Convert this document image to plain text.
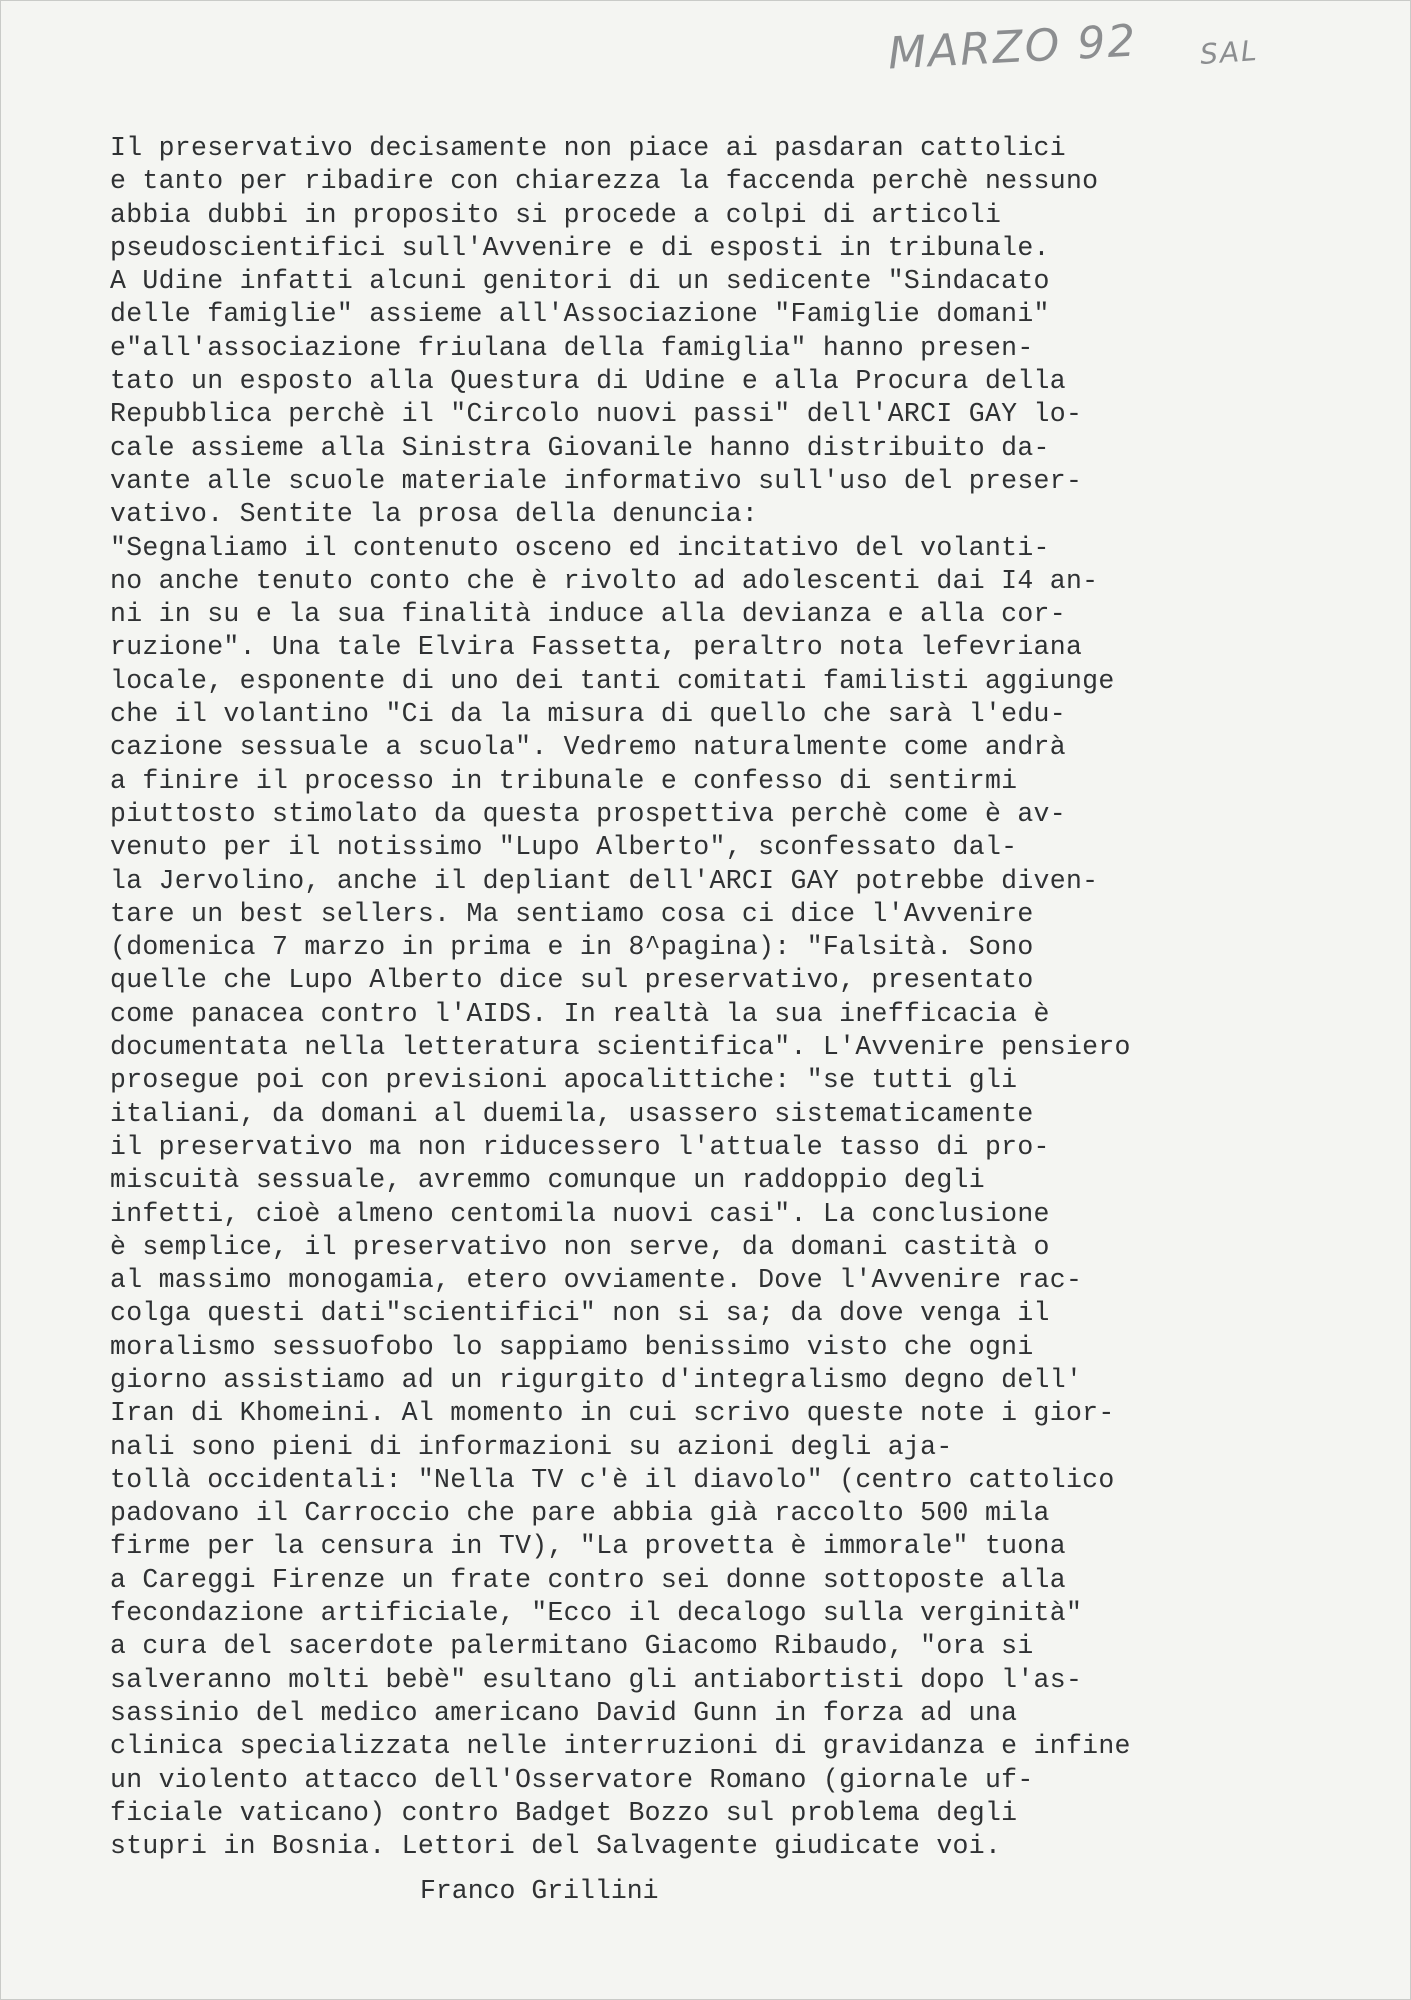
MARZO 92 SAL
Il preservativo decisamente non piace ai pasdaran cattolici
e tanto per ribadire con chiarezza la faccenda perchè nessuno
abbia dubbi in proposito si procede a colpi di articoli
pseudoscientifici sull'Avvenire e di esposti in tribunale.
A Udine infatti alcuni genitori di un sedicente "Sindacato
delle famiglie" assieme all'Associazione "Famiglie domani"
e"all'associazione friulana della famiglia" hanno presen-
tato un esposto alla Questura di Udine e alla Procura della
Repubblica perchè il "Circolo nuovi passi" dell'ARCI GAY lo-
cale assieme alla Sinistra Giovanile hanno distribuito da-
vante alle scuole materiale informativo sull'uso del preser-
vativo. Sentite la prosa della denuncia:
"Segnaliamo il contenuto osceno ed incitativo del volanti-
no anche tenuto conto che è rivolto ad adolescenti dai I4 an-
ni in su e la sua finalità induce alla devianza e alla cor-
ruzione". Una tale Elvira Fassetta, peraltro nota lefevriana
locale, esponente di uno dei tanti comitati familisti aggiunge
che il volantino "Ci da la misura di quello che sarà l'edu-
cazione sessuale a scuola". Vedremo naturalmente come andrà
a finire il processo in tribunale e confesso di sentirmi
piuttosto stimolato da questa prospettiva perchè come è av-
venuto per il notissimo "Lupo Alberto", sconfessato dal-
la Jervolino, anche il depliant dell'ARCI GAY potrebbe diven-
tare un best sellers. Ma sentiamo cosa ci dice l'Avvenire
(domenica 7 marzo in prima e in 8^pagina): "Falsità. Sono
quelle che Lupo Alberto dice sul preservativo, presentato
come panacea contro l'AIDS. In realtà la sua inefficacia è
documentata nella letteratura scientifica". L'Avvenire pensiero
prosegue poi con previsioni apocalittiche: "se tutti gli
italiani, da domani al duemila, usassero sistematicamente
il preservativo ma non riducessero l'attuale tasso di pro-
miscuità sessuale, avremmo comunque un raddoppio degli
infetti, cioè almeno centomila nuovi casi". La conclusione
è semplice, il preservativo non serve, da domani castità o
al massimo monogamia, etero ovviamente. Dove l'Avvenire rac-
colga questi dati"scientifici" non si sa; da dove venga il
moralismo sessuofobo lo sappiamo benissimo visto che ogni
giorno assistiamo ad un rigurgito d'integralismo degno dell'
Iran di Khomeini. Al momento in cui scrivo queste note i gior-
nali sono pieni di informazioni su azioni degli aja-
tollà occidentali: "Nella TV c'è il diavolo" (centro cattolico
padovano il Carroccio che pare abbia già raccolto 500 mila
firme per la censura in TV), "La provetta è immorale" tuona
a Careggi Firenze un frate contro sei donne sottoposte alla
fecondazione artificiale, "Ecco il decalogo sulla verginità"
a cura del sacerdote palermitano Giacomo Ribaudo, "ora si
salveranno molti bebè" esultano gli antiabortisti dopo l'as-
sassinio del medico americano David Gunn in forza ad una
clinica specializzata nelle interruzioni di gravidanza e infine
un violento attacco dell'Osservatore Romano (giornale uf-
ficiale vaticano) contro Badget Bozzo sul problema degli
stupri in Bosnia. Lettori del Salvagente giudicate voi.
Franco Grillini
